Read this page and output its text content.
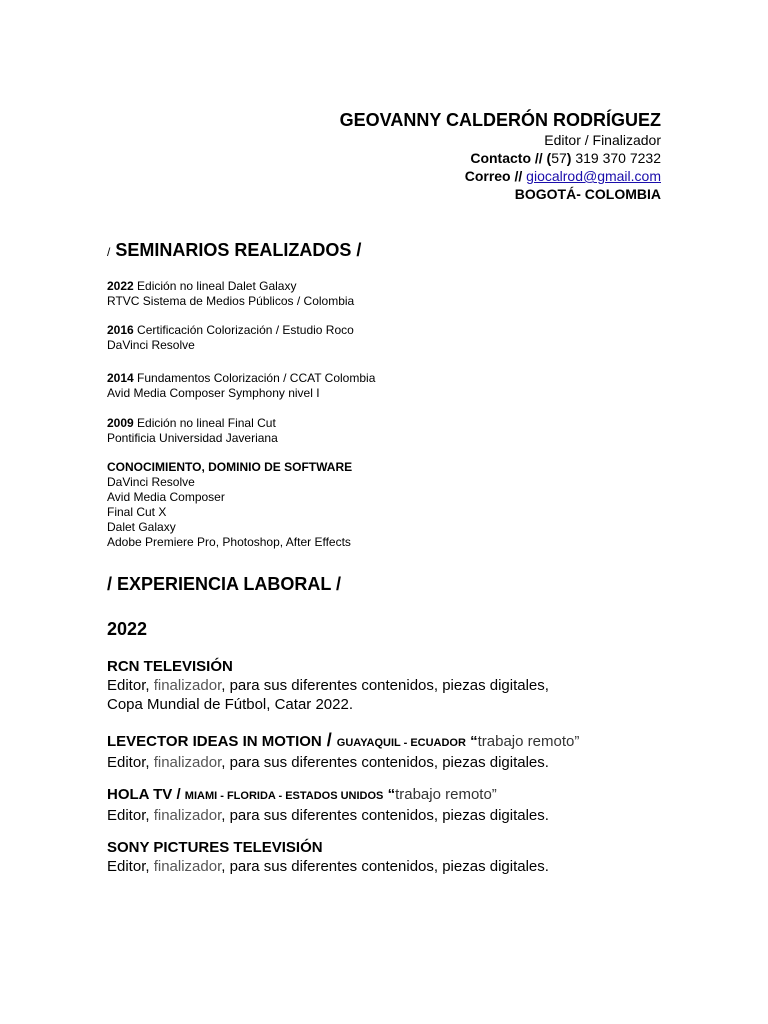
GEOVANNY CALDERÓN RODRÍGUEZ
Editor / Finalizador
Contacto // (57) 319 370 7232
Correo // giocalrod@gmail.com
BOGOTÁ- COLOMBIA
/ SEMINARIOS REALIZADOS /
2022 Edición no lineal Dalet Galaxy
RTVC Sistema de Medios Públicos / Colombia
2016 Certificación Colorización / Estudio Roco
DaVinci Resolve
2014 Fundamentos Colorización / CCAT Colombia
Avid Media Composer Symphony nivel I
2009 Edición no lineal Final Cut
Pontificia Universidad Javeriana
CONOCIMIENTO, DOMINIO DE SOFTWARE
DaVinci Resolve
Avid Media Composer
Final Cut X
Dalet Galaxy
Adobe Premiere Pro, Photoshop, After Effects
/ EXPERIENCIA LABORAL /
2022
RCN TELEVISIÓN
Editor, finalizador, para sus diferentes contenidos, piezas digitales,
Copa Mundial de Fútbol, Catar 2022.
LEVECTOR IDEAS IN MOTION / GUAYAQUIL - ECUADOR “trabajo remoto”
Editor, finalizador, para sus diferentes contenidos, piezas digitales.
HOLA TV / MIAMI - FLORIDA - ESTADOS UNIDOS “trabajo remoto”
Editor, finalizador, para sus diferentes contenidos, piezas digitales.
SONY PICTURES TELEVISIÓN
Editor, finalizador, para sus diferentes contenidos, piezas digitales.
